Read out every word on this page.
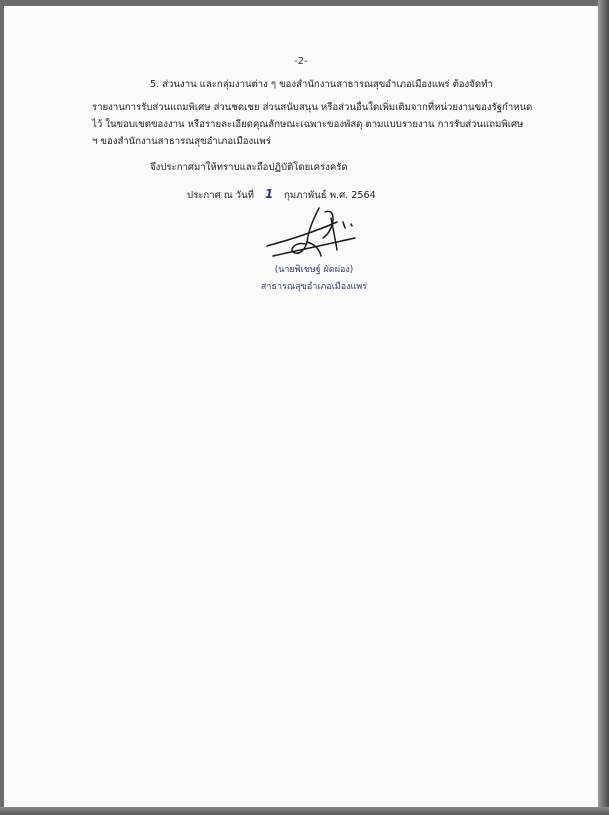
-2-
5. ส่วนงาน และกลุ่มงานต่าง ๆ ของสำนักงานสาธารณสุขอำเภอเมืองแพร่ ต้องจัดทำ
รายงานการรับส่วนแถมพิเศษ ส่วนชดเชย ส่วนสนับสนุน หรือส่วนอื่นใดเพิ่มเติมจากที่หน่วยงานของรัฐกำหนด
ไว้ ในขอบเขตของงาน หรือรายละเอียดคุณลักษณะเฉพาะของพัสดุ ตามแบบรายงาน การรับส่วนแถมพิเศษ
ฯ ของสำนักงานสาธารณสุขอำเภอเมืองแพร่
จึงประกาศมาให้ทราบและถือปฏิบัติโดยเคร่งครัด
ประกาศ ณ วันที่ 1 กุมภาพันธ์ พ.ศ. 2564
(นายพิเชษฐ์ ผัดผ่อง)
สาธารณสุขอำเภอเมืองแพร่
